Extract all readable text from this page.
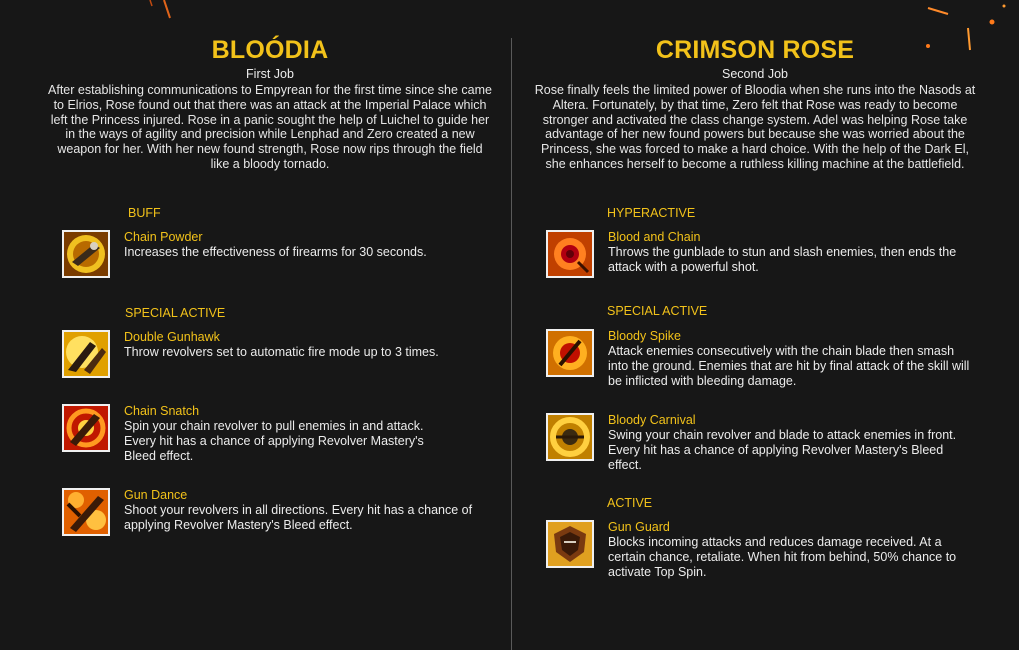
BLOÓDIA

First Job

After establishing communications to Empyrean for the first time since she came to Elrios, Rose found out that there was an attack at the Imperial Palace which left the Princess injured. Rose in a panic sought the help of Luichel to guide her in the ways of agility and precision while Lenphad and Zero created a new weapon for her. With her new found strength, Rose now rips through the field like a bloody tornado.

BUFF

Chain Powder

Increases the effectiveness of firearms for 30 seconds.

SPECIAL ACTIVE

Double Gunhawk

Throw revolvers set to automatic fire mode up to 3 times.

Chain Snatch

Spin your chain revolver to pull enemies in and attack. Every hit has a chance of applying Revolver Mastery's Bleed effect.

Gun Dance

Shoot your revolvers in all directions. Every hit has a chance of applying Revolver Mastery's Bleed effect.

CRIMSON ROSE

Second Job

Rose finally feels the limited power of Bloodia when she runs into the Nasods at Altera. Fortunately, by that time, Zero felt that Rose was ready to become stronger and activated the class change system. Adel was helping Rose take advantage of her new found powers but because she was worried about the Princess, she was forced to make a hard choice. With the help of the Dark El, she enhances herself to become a ruthless killing machine at the battlefield.

HYPERACTIVE

Blood and Chain

Throws the gunblade to stun and slash enemies, then ends the attack with a powerful shot.

SPECIAL ACTIVE

Bloody Spike

Attack enemies consecutively with the chain blade then smash into the ground. Enemies that are hit by final attack of the skill will be inflicted with bleeding damage.

Bloody Carnival

Swing your chain revolver and blade to attack enemies in front. Every hit has a chance of applying Revolver Mastery's Bleed effect.

ACTIVE

Gun Guard

Blocks incoming attacks and reduces damage received. At a certain chance, retaliate. When hit from behind, 50% chance to activate Top Spin.
